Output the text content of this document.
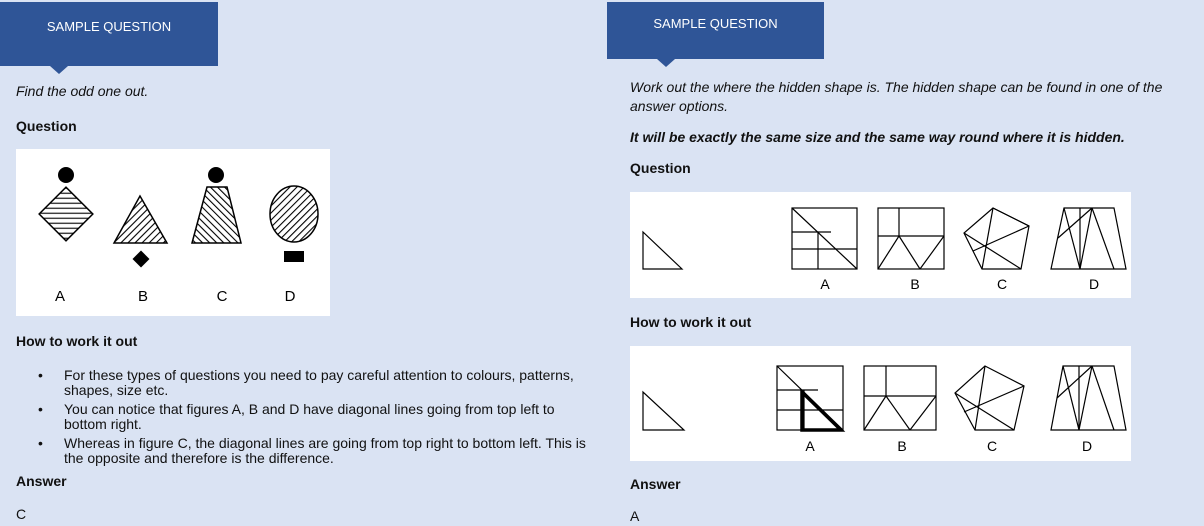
SAMPLE QUESTION
Find the odd one out.
Question
A	B	C	D
How to work it out
• For these types of questions you need to pay careful attention to colours, patterns, shapes, size etc.
• You can notice that figures A, B and D have diagonal lines going from top left to bottom right.
• Whereas in figure C, the diagonal lines are going from top right to bottom left. This is the opposite and therefore is the difference.
Answer
C
SAMPLE QUESTION
Work out the where the hidden shape is. The hidden shape can be found in one of the answer options.
It will be exactly the same size and the same way round where it is hidden.
Question
A	B	C	D
How to work it out
A	B	C	D
Answer
A
